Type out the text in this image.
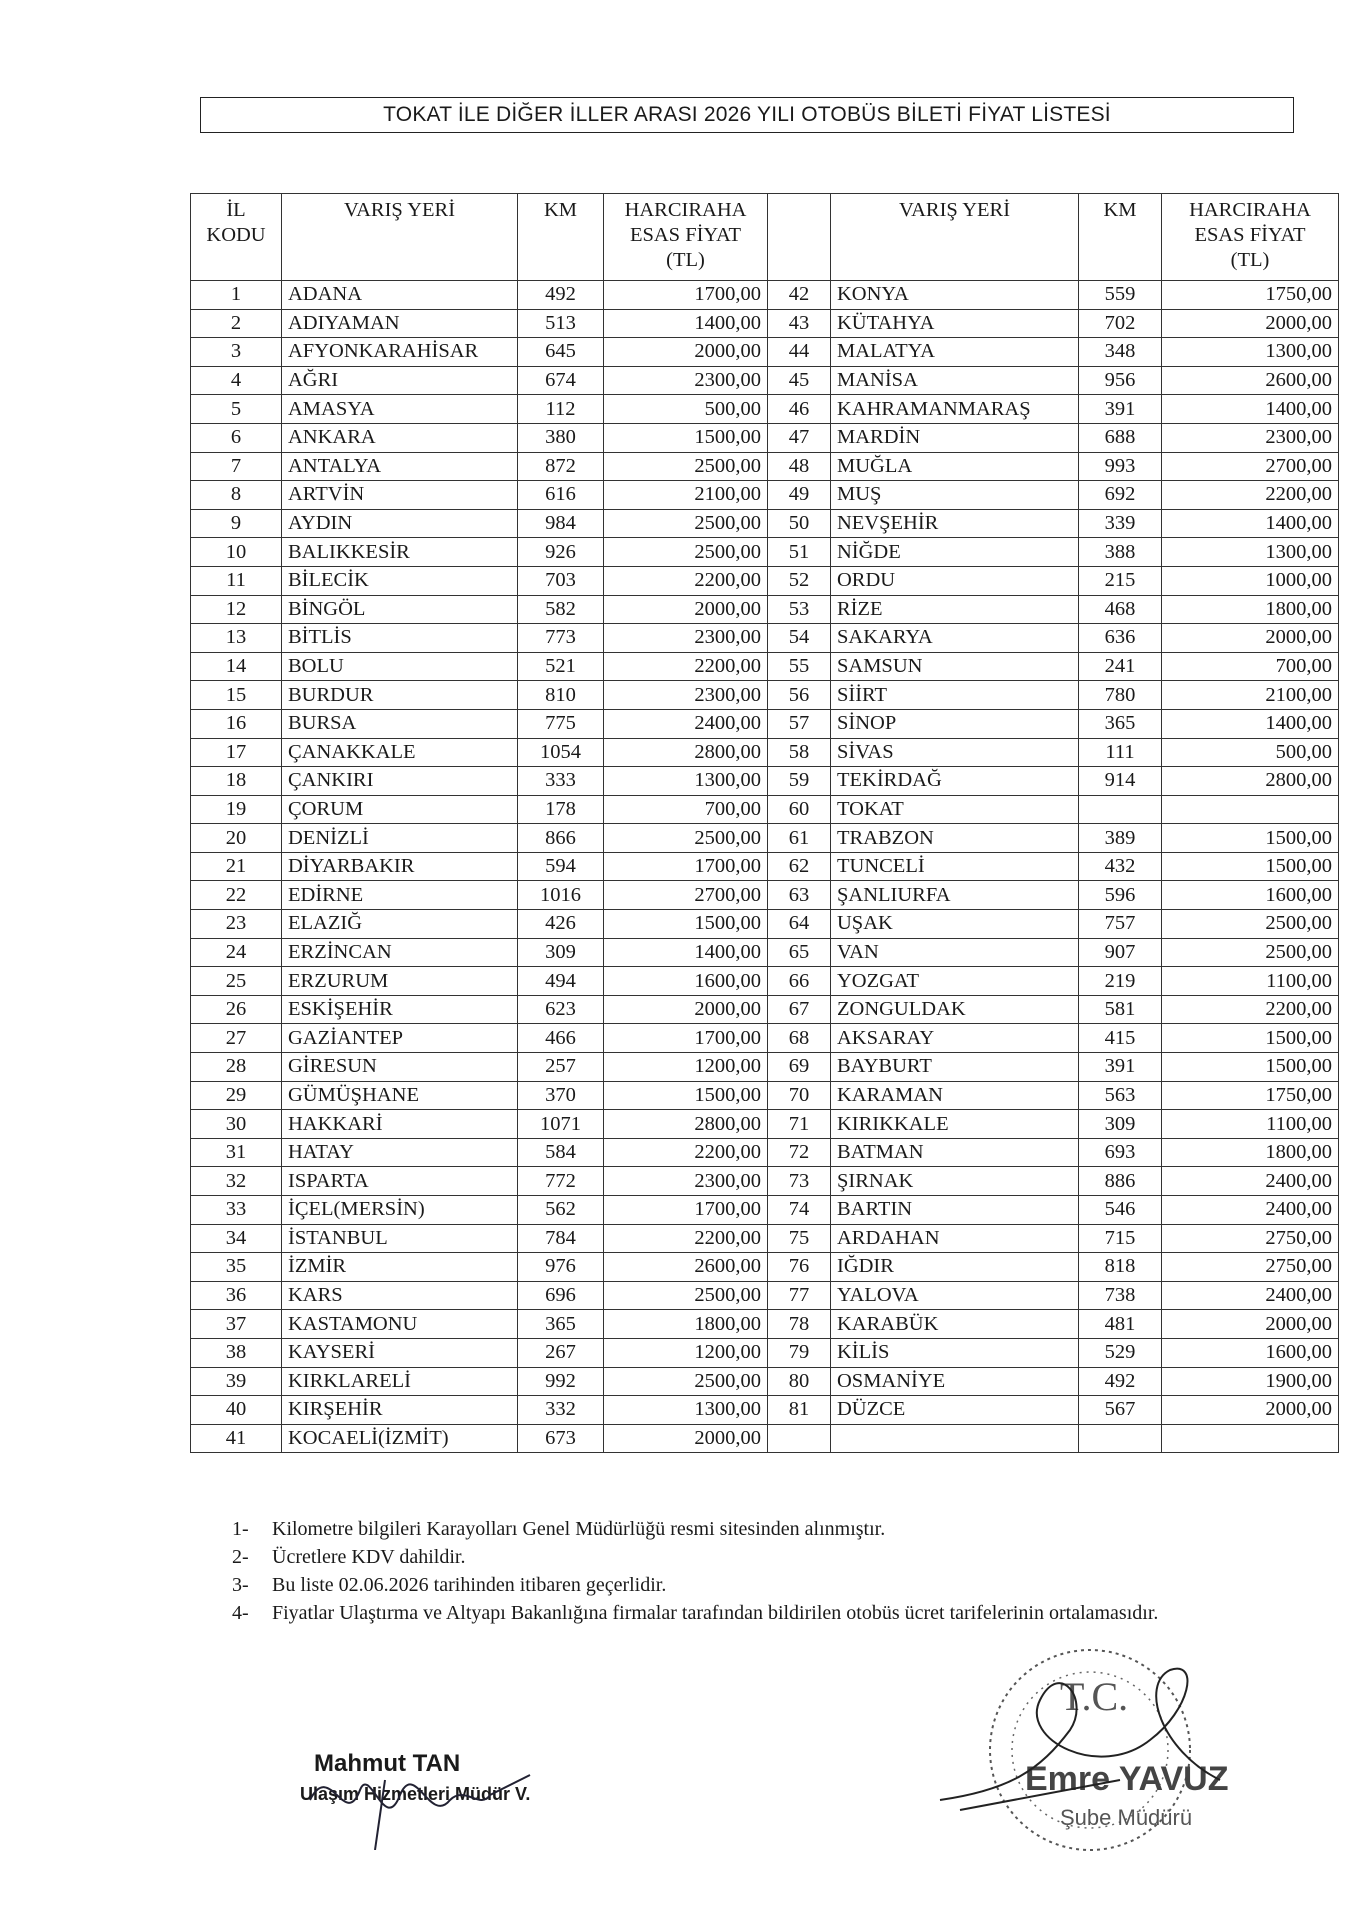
TOKAT İLE DİĞER İLLER ARASI 2026 YILI OTOBÜS BİLETİ FİYAT LİSTESİ
İL
KODU	VARIŞ YERİ	KM	HARCIRAHA
ESAS FİYAT
(TL)		VARIŞ YERİ	KM	HARCIRAHA
ESAS FİYAT
(TL)

1	ADANA	492	1700,00	42	KONYA	559	1750,00
2	ADIYAMAN	513	1400,00	43	KÜTAHYA	702	2000,00
3	AFYONKARAHİSAR	645	2000,00	44	MALATYA	348	1300,00
4	AĞRI	674	2300,00	45	MANİSA	956	2600,00
5	AMASYA	112	500,00	46	KAHRAMANMARAŞ	391	1400,00
6	ANKARA	380	1500,00	47	MARDİN	688	2300,00
7	ANTALYA	872	2500,00	48	MUĞLA	993	2700,00
8	ARTVİN	616	2100,00	49	MUŞ	692	2200,00
9	AYDIN	984	2500,00	50	NEVŞEHİR	339	1400,00
10	BALIKKESİR	926	2500,00	51	NİĞDE	388	1300,00
11	BİLECİK	703	2200,00	52	ORDU	215	1000,00
12	BİNGÖL	582	2000,00	53	RİZE	468	1800,00
13	BİTLİS	773	2300,00	54	SAKARYA	636	2000,00
14	BOLU	521	2200,00	55	SAMSUN	241	700,00
15	BURDUR	810	2300,00	56	SİİRT	780	2100,00
16	BURSA	775	2400,00	57	SİNOP	365	1400,00
17	ÇANAKKALE	1054	2800,00	58	SİVAS	111	500,00
18	ÇANKIRI	333	1300,00	59	TEKİRDAĞ	914	2800,00
19	ÇORUM	178	700,00	60	TOKAT		
20	DENİZLİ	866	2500,00	61	TRABZON	389	1500,00
21	DİYARBAKIR	594	1700,00	62	TUNCELİ	432	1500,00
22	EDİRNE	1016	2700,00	63	ŞANLIURFA	596	1600,00
23	ELAZIĞ	426	1500,00	64	UŞAK	757	2500,00
24	ERZİNCAN	309	1400,00	65	VAN	907	2500,00
25	ERZURUM	494	1600,00	66	YOZGAT	219	1100,00
26	ESKİŞEHİR	623	2000,00	67	ZONGULDAK	581	2200,00
27	GAZİANTEP	466	1700,00	68	AKSARAY	415	1500,00
28	GİRESUN	257	1200,00	69	BAYBURT	391	1500,00
29	GÜMÜŞHANE	370	1500,00	70	KARAMAN	563	1750,00
30	HAKKARİ	1071	2800,00	71	KIRIKKALE	309	1100,00
31	HATAY	584	2200,00	72	BATMAN	693	1800,00
32	ISPARTA	772	2300,00	73	ŞIRNAK	886	2400,00
33	İÇEL(MERSİN)	562	1700,00	74	BARTIN	546	2400,00
34	İSTANBUL	784	2200,00	75	ARDAHAN	715	2750,00
35	İZMİR	976	2600,00	76	IĞDIR	818	2750,00
36	KARS	696	2500,00	77	YALOVA	738	2400,00
37	KASTAMONU	365	1800,00	78	KARABÜK	481	2000,00
38	KAYSERİ	267	1200,00	79	KİLİS	529	1600,00
39	KIRKLARELİ	992	2500,00	80	OSMANİYE	492	1900,00
40	KIRŞEHİR	332	1300,00	81	DÜZCE	567	2000,00
41	KOCAELİ(İZMİT)	673	2000,00				
1-	Kilometre bilgileri Karayolları Genel Müdürlüğü resmi sitesinden alınmıştır.
2-	Ücretlere KDV dahildir.
3-	Bu liste 02.06.2026 tarihinden itibaren geçerlidir.
4-	Fiyatlar Ulaştırma ve Altyapı Bakanlığına firmalar tarafından bildirilen otobüs ücret tarifelerinin ortalamasıdır.
Mahmut TAN
Ulaşım Hizmetleri Müdür V.
T.C.
Emre YAVUZ
Şube Müdürü
